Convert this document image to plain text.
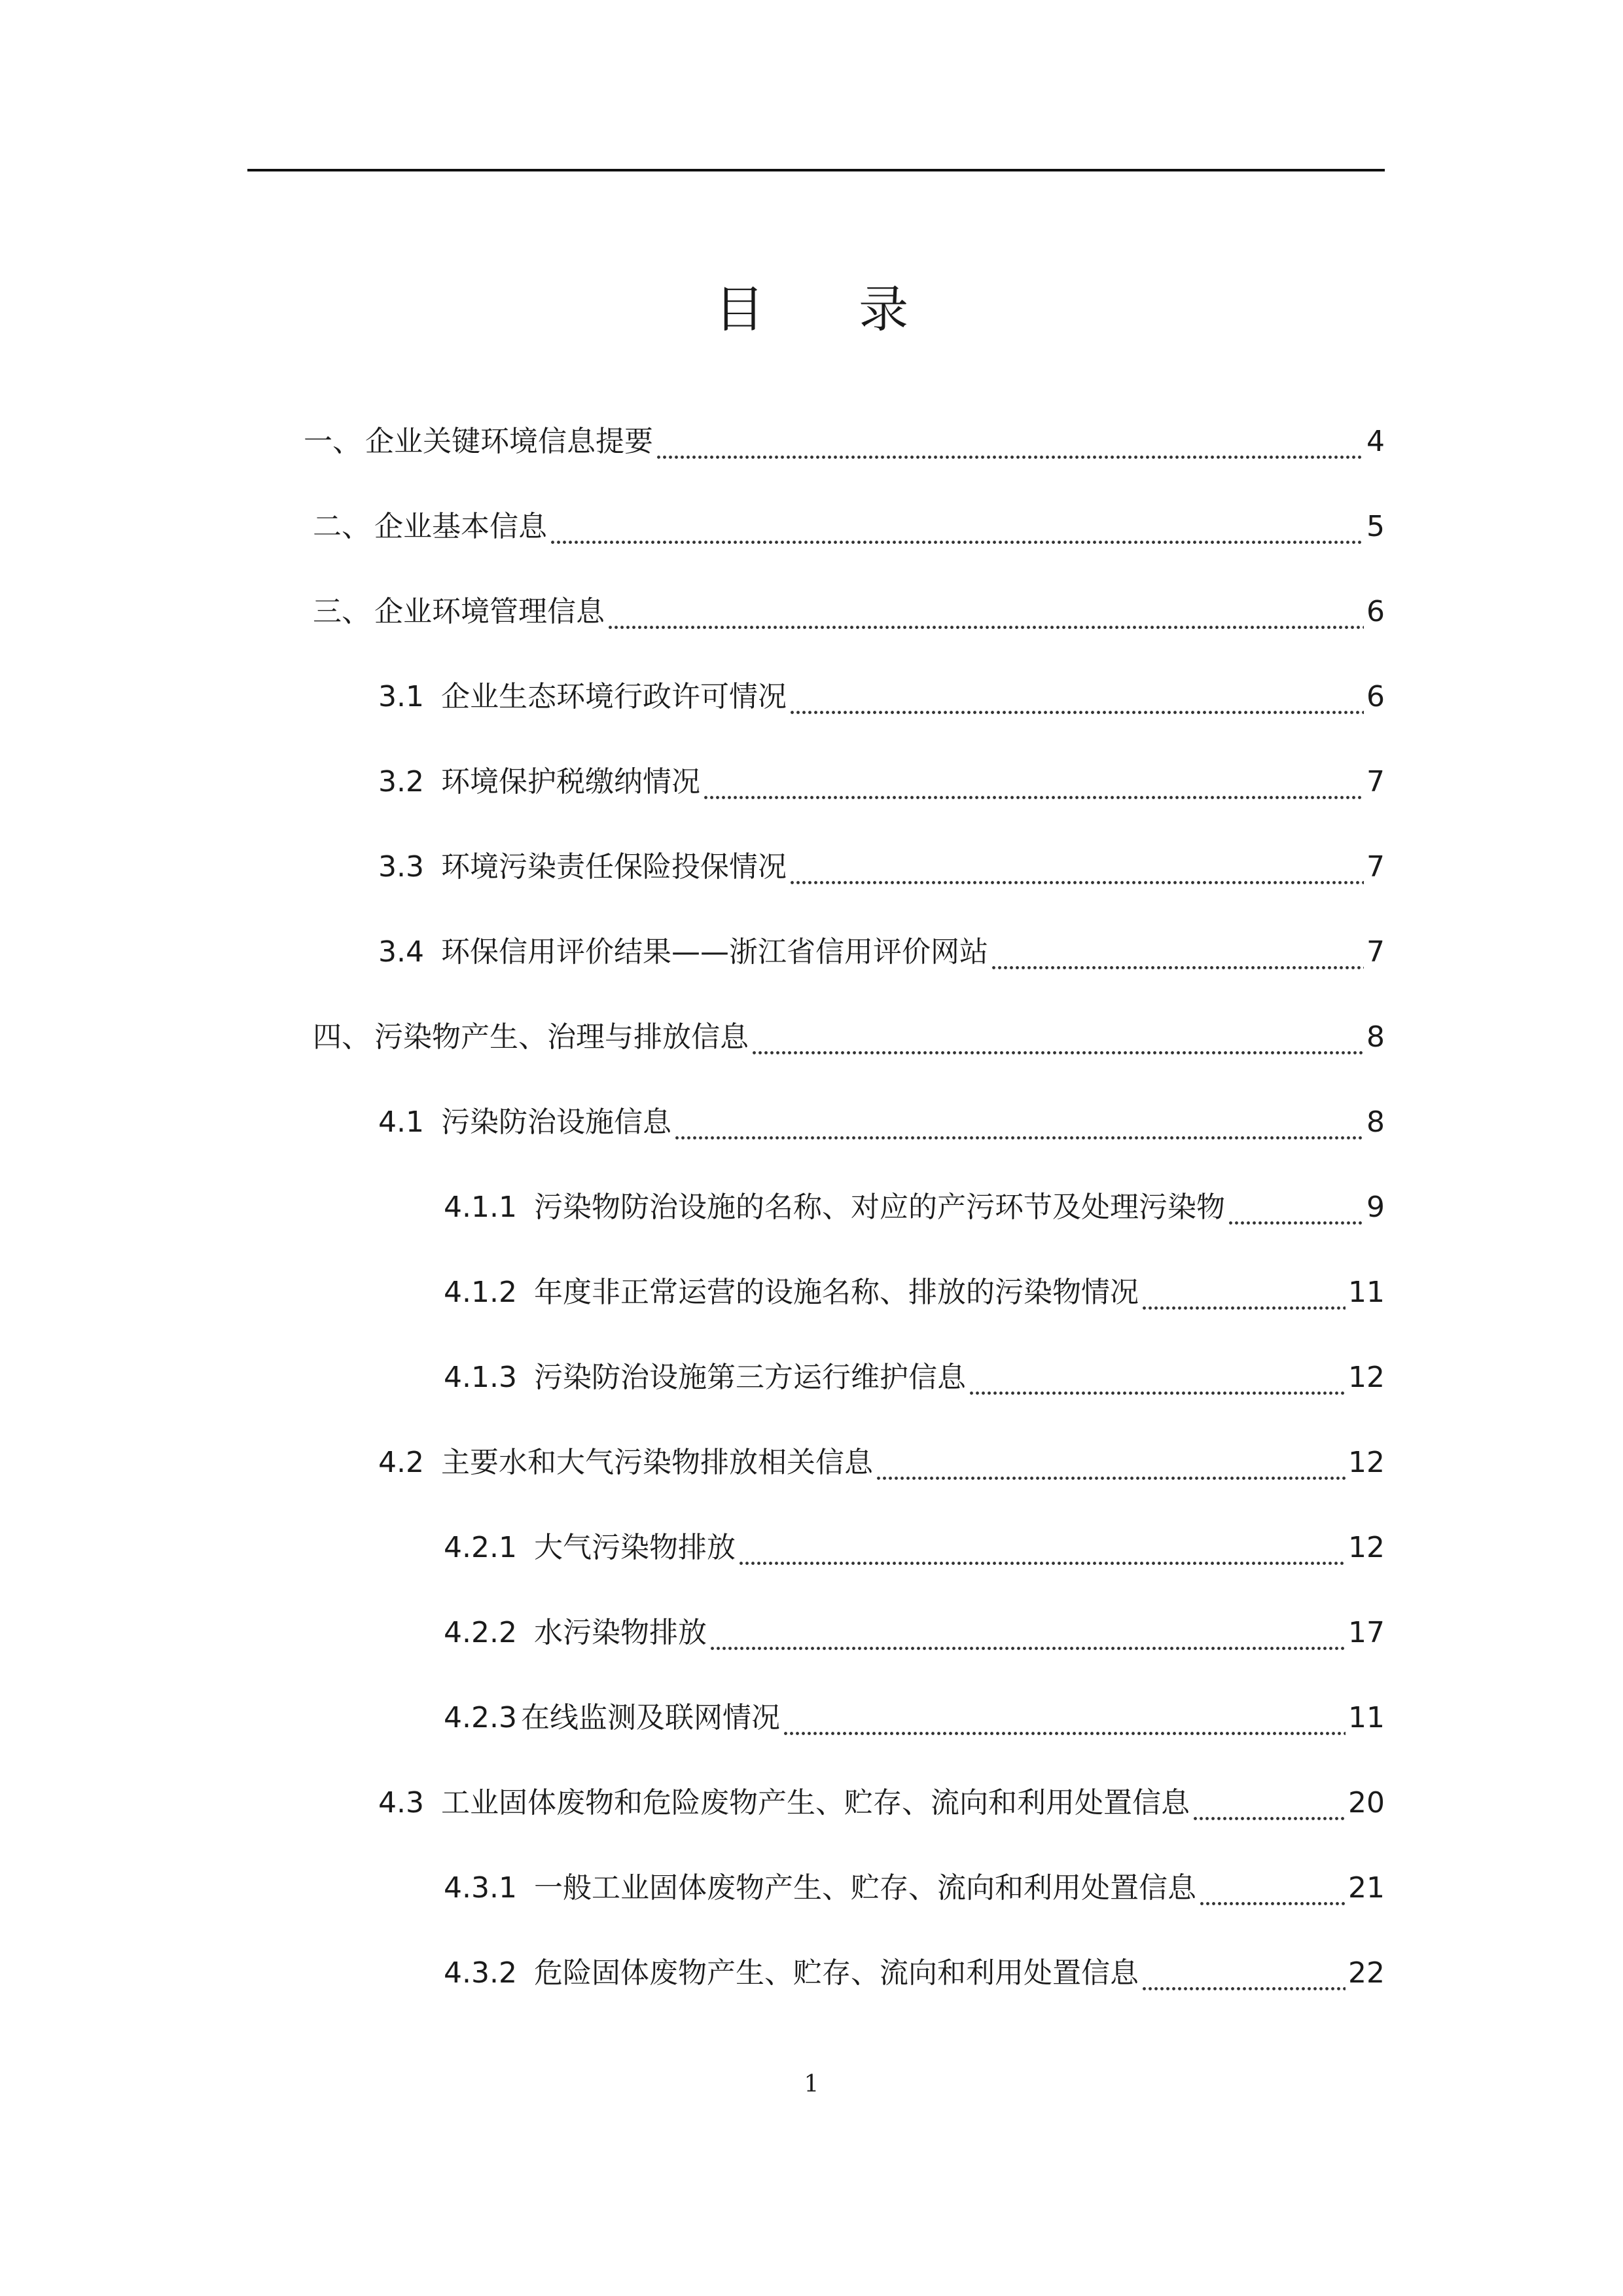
目 录
一、 企业关键环境信息提要	4
二、 企业基本信息	5
三、 企业环境管理信息	6
3.1 企业生态环境行政许可情况	6
3.2 环境保护税缴纳情况	7
3.3 环境污染责任保险投保情况	7
3.4 环保信用评价结果——浙江省信用评价网站	7
四、 污染物产生、治理与排放信息	8
4.1 污染防治设施信息	8
4.1.1 污染物防治设施的名称、对应的产污环节及处理污染物	9
4.1.2 年度非正常运营的设施名称、排放的污染物情况	11
4.1.3 污染防治设施第三方运行维护信息	12
4.2 主要水和大气污染物排放相关信息	12
4.2.1 大气污染物排放	12
4.2.2 水污染物排放	17
4.2.3 在线监测及联网情况	11
4.3 工业固体废物和危险废物产生、贮存、流向和利用处置信息	20
4.3.1 一般工业固体废物产生、贮存、流向和利用处置信息	21
4.3.2 危险固体废物产生、贮存、流向和利用处置信息	22
1
